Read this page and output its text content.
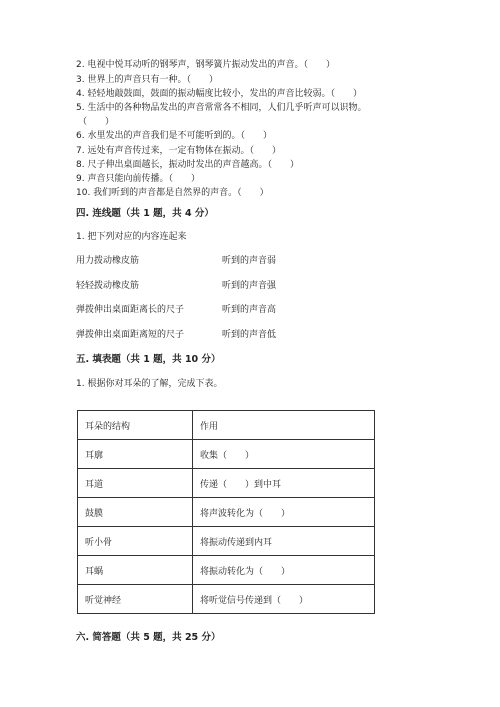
2. 电视中悦耳动听的钢琴声，钢琴簧片振动发出的声音。（　　）
3. 世界上的声音只有一种。（　　）
4. 轻轻地敲鼓面，鼓面的振动幅度比较小，发出的声音比较弱。（　　）
5. 生活中的各种物品发出的声音常常各不相同，人们几乎听声可以识物。
（　　）
6. 水里发出的声音我们是不可能听到的。（　　）
7. 远处有声音传过来，一定有物体在振动。（　　）
8. 尺子伸出桌面越长，振动时发出的声音越高。（　　）
9. 声音只能向前传播。（　　）
10. 我们听到的声音都是自然界的声音。（　　）
四. 连线题（共 1 题，共 4 分）
1. 把下列对应的内容连起来
用力拨动橡皮筋	听到的声音弱
轻轻拨动橡皮筋	听到的声音强
弹拨伸出桌面距离长的尺子	听到的声音高
弹拨伸出桌面距离短的尺子	听到的声音低
五. 填表题（共 1 题，共 10 分）
1. 根据你对耳朵的了解，完成下表。
耳朵的结构	作用
耳廓	收集（　　）
耳道	传递（　　）到中耳
鼓膜	将声波转化为（　　）
听小骨	将振动传递到内耳
耳蜗	将振动转化为（　　）
听觉神经	将听觉信号传递到（　　）
六. 简答题（共 5 题，共 25 分）
